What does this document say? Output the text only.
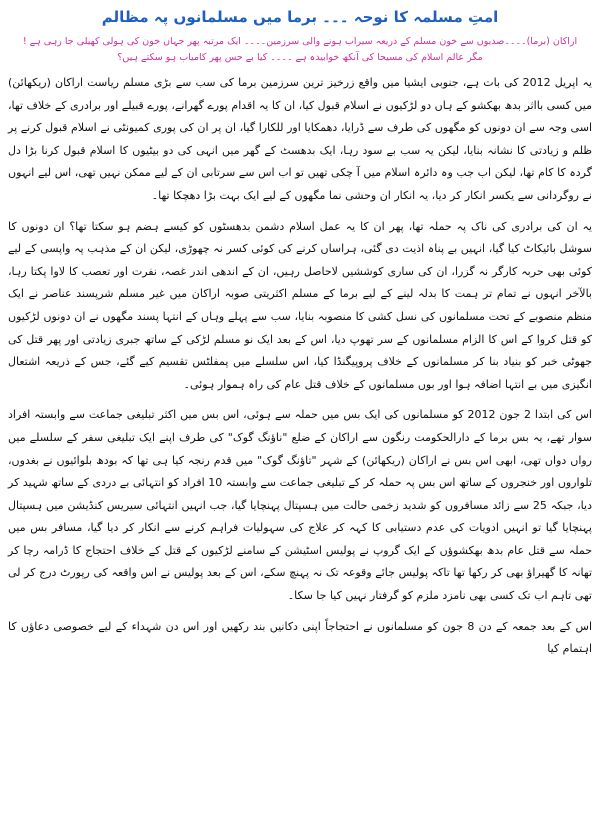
امتِ مسلمہ کا نوحہ ۔۔۔ برما میں مسلمانوں پہ مظالم

اراکان (برما)۔۔۔۔صدیوں سے خون مسلم کے ذریعہ سیراب ہونے والی سرزمین۔۔۔۔ ایک مرتبہ پھر جہاں خون کی ہولی کھیلی جا رہی ہے !

مگر عالم اسلام کی مسیحا کی آنکھ خوابیدہ ہے ۔۔۔۔ کیا بے حس پھر کامیاب ہو سکتے ہیں؟

یہ اپریل 2012 کی بات ہے، جنوبی ایشیا میں واقع زرخیز ترین سرزمین برما کی سب سے بڑی مسلم ریاست اراکان (ریکھائن) میں کسی بااثر بدھ بھکشو کے ہاں دو لڑکیوں نے اسلام قبول کیا، ان کا یہ اقدام پورے گھرانے، پورے قبیلے اور برادری کے خلاف تھا، اسی وجہ سے ان دونوں کو مگھوں کی طرف سے ڈرایا، دھمکایا اور للکارا گیا، ان پر ان کی پوری کمیونٹی نے اسلام قبول کرنے پر ظلم و زیادتی کا نشانہ بنایا، لیکن یہ سب بے سود رہا، ایک بدھسٹ کے گھر میں انہی کی دو بیٹیوں کا اسلام قبول کرنا بڑا دل گردہ کا کام تھا، لیکن اب جب وہ دائرہ اسلام میں آ چکی تھیں تو اب اس سے سرتابی ان کے لیے ممکن نہیں تھی، اس لیے انہوں نے روگردانی سے یکسر انکار کر دیا، یہ انکار ان وحشی نما مگھوں کے لیے ایک بہت بڑا دھچکا تھا۔

یہ ان کی برادری کی ناک پہ حملہ تھا، پھر ان کا یہ عمل اسلام دشمن بدھسٹوں کو کیسے ہضم ہو سکتا تھا؟ ان دونوں کا سوشل بائیکاٹ کیا گیا، انہیں بے پناہ اذیت دی گئی، ہراساں کرنے کی کوئی کسر نہ چھوڑی، لیکن ان کے مذہب پہ واپسی کے لیے کوئی بھی حربہ کارگر نہ گزرا، ان کی ساری کوششیں لاحاصل رہیں، ان کے اندھی اندر غصہ، نفرت اور تعصب کا لاوا پکتا رہا، بالآخر انہوں نے تمام تر ہمت کا بدلہ لینے کے لیے برما کے مسلم اکثریتی صوبہ اراکان میں غیر مسلم شرپسند عناصر نے ایک منظم منصوبے کے تحت مسلمانوں کی نسل کشی کا منصوبہ بنایا، سب سے پہلے وہاں کے انتہا پسند مگھوں نے ان دونوں لڑکیوں کو قتل کروا کے اس کا الزام مسلمانوں کے سر تھوپ دیا، اس کے بعد ایک نو مسلم لڑکی کے ساتھ جبری زیادتی اور پھر قتل کی جھوٹی خبر کو بنیاد بنا کر مسلمانوں کے خلاف پروپیگنڈا کیا، اس سلسلے میں پمفلٹس تقسیم کیے گئے، جس کے ذریعہ اشتعال انگیزی میں بے انتہا اضافہ ہوا اور بوں مسلمانوں کے خلاف قتل عام کی راہ ہموار ہوئی۔

اس کی ابتدا 2 جون 2012 کو مسلمانوں کی ایک بس میں حملہ سے ہوئی، اس بس میں اکثر تبلیغی جماعت سے وابستہ افراد سوار تھے، یہ بس برما کے دارالحکومت رنگون سے اراکان کے ضلع "ناؤنگ گوک" کی طرف اپنے ایک تبلیغی سفر کے سلسلے میں رواں دواں تھی، ابھی اس بس نے اراکان (ریکھائن) کے شہر "تاؤنگ گوک" میں قدم رنجہ کیا ہی تھا کہ بودھ بلوائیوں نے بغدوں، تلواروں اور خنجروں کے ساتھ اس بس پہ حملہ کر کے تبلیغی جماعت سے وابستہ 10 افراد کو انتہائی بے دردی کے ساتھ شہید کر دیا، جبکہ 25 سے زائد مسافروں کو شدید زخمی حالت میں ہسپتال پہنچایا گیا، جب انہیں انتہائی سیریس کنڈیشن میں ہسپتال پہنچایا گیا تو انہیں ادویات کی عدم دستیابی کا کہہ کر علاج کی سہولیات فراہم کرنے سے انکار کر دیا گیا، مسافر بس میں حملہ سے قتل عام بدھ بھکشوؤں کے ایک گروپ نے پولیس اسٹیشن کے سامنے لڑکیوں کے قتل کے خلاف احتجاج کا ڈرامہ رچا کر تھانہ کا گھیراؤ بھی کر رکھا تھا تاکہ پولیس جائے وقوعہ تک نہ پہنچ سکے، اس کے بعد پولیس نے اس واقعہ کی رپورٹ درج کر لی تھی تاہم اب تک کسی بھی نامزد ملزم کو گرفتار نہیں کیا جا سکا۔

اس کے بعد جمعہ کے دن 8 جون کو مسلمانوں نے احتجاجاً اپنی دکانیں بند رکھیں اور اس دن شہداء کے لیے خصوصی دعاؤں کا اہتمام کیا
